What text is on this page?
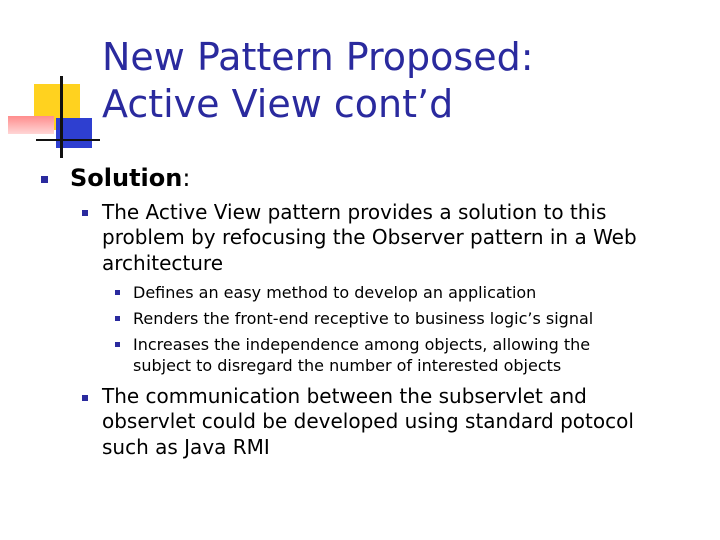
New Pattern Proposed:
Active View cont’d
Solution:
The Active View pattern provides a solution to this
problem by refocusing the Observer pattern in a Web
architecture
Defines an easy method to develop an application
Renders the front-end receptive to business logic’s signal
Increases the independence among objects, allowing the
subject to disregard the number of interested objects
The communication between the subservlet and
observlet could be developed using standard potocol
such as Java RMI
